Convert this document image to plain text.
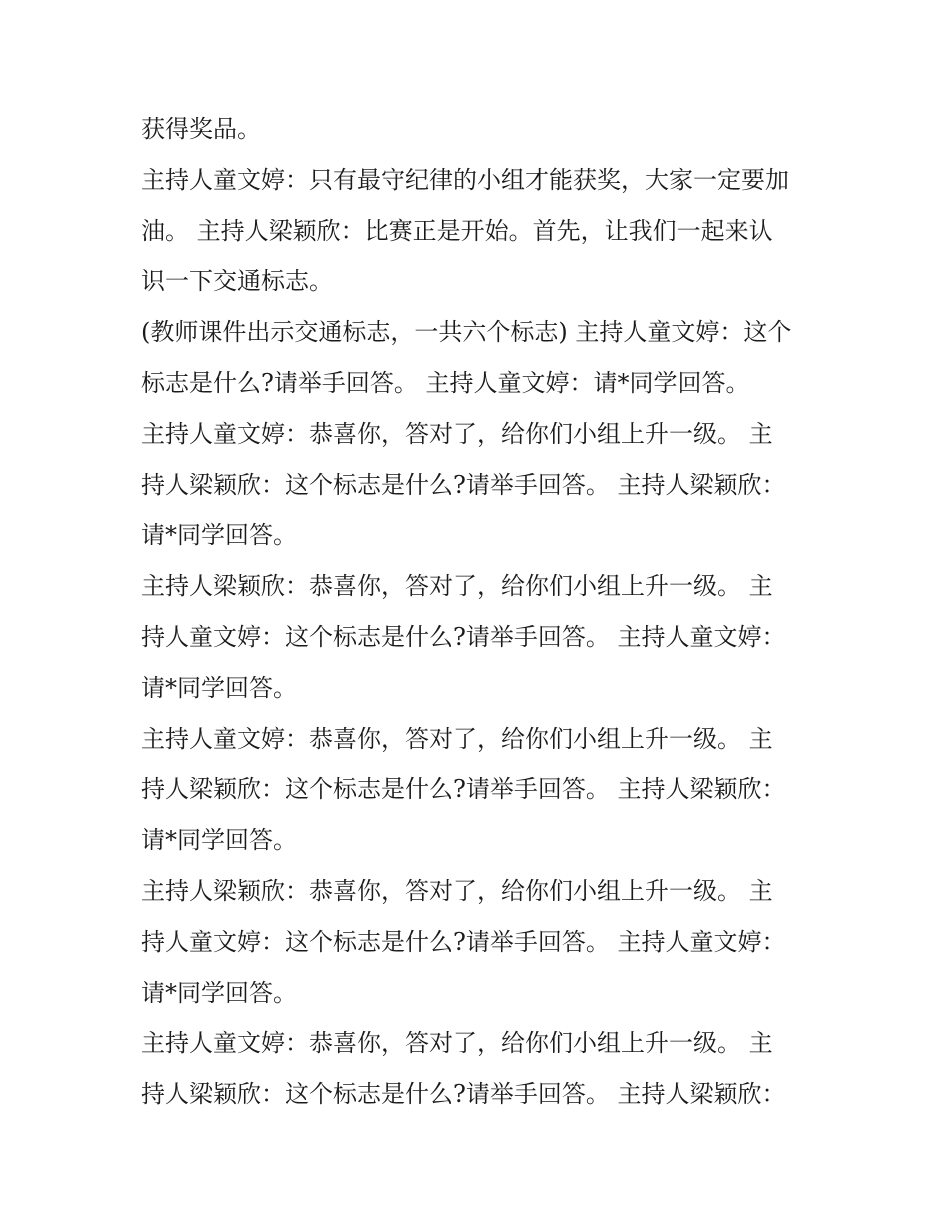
获得奖品。
主持人童文婷：只有最守纪律的小组才能获奖，大家一定要加
油。 主持人梁颖欣：比赛正是开始。首先，让我们一起来认
识一下交通标志。
(教师课件出示交通标志，一共六个标志) 主持人童文婷：这个
标志是什么?请举手回答。 主持人童文婷：请*同学回答。
主持人童文婷：恭喜你，答对了，给你们小组上升一级。 主
持人梁颖欣：这个标志是什么?请举手回答。 主持人梁颖欣：
请*同学回答。
主持人梁颖欣：恭喜你，答对了，给你们小组上升一级。 主
持人童文婷：这个标志是什么?请举手回答。 主持人童文婷：
请*同学回答。
主持人童文婷：恭喜你，答对了，给你们小组上升一级。 主
持人梁颖欣：这个标志是什么?请举手回答。 主持人梁颖欣：
请*同学回答。
主持人梁颖欣：恭喜你，答对了，给你们小组上升一级。 主
持人童文婷：这个标志是什么?请举手回答。 主持人童文婷：
请*同学回答。
主持人童文婷：恭喜你，答对了，给你们小组上升一级。 主
持人梁颖欣：这个标志是什么?请举手回答。 主持人梁颖欣：
